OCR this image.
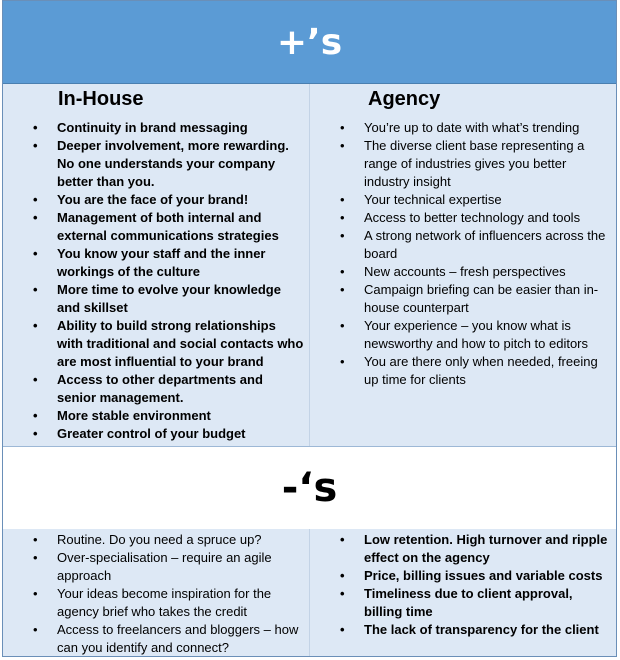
+’s
In-House
• Continuity in brand messaging
• Deeper involvement, more rewarding. No one understands your company better than you.
• You are the face of your brand!
• Management of both internal and external communications strategies
• You know your staff and the inner workings of the culture
• More time to evolve your knowledge and skillset
• Ability to build strong relationships with traditional and social contacts who are most influential to your brand
• Access to other departments and senior management.
• More stable environment
• Greater control of your budget
Agency
• You’re up to date with what’s trending
• The diverse client base representing a range of industries gives you better industry insight
• Your technical expertise
• Access to better technology and tools
• A strong network of influencers across the board
• New accounts – fresh perspectives
• Campaign briefing can be easier than in-house counterpart
• Your experience – you know what is newsworthy and how to pitch to editors
• You are there only when needed, freeing up time for clients
-‘s
• Routine. Do you need a spruce up?
• Over-specialisation – require an agile approach
• Your ideas become inspiration for the agency brief who takes the credit
• Access to freelancers and bloggers – how can you identify and connect?
• Low retention. High turnover and ripple effect on the agency
• Price, billing issues and variable costs
• Timeliness due to client approval, billing time
• The lack of transparency for the client
